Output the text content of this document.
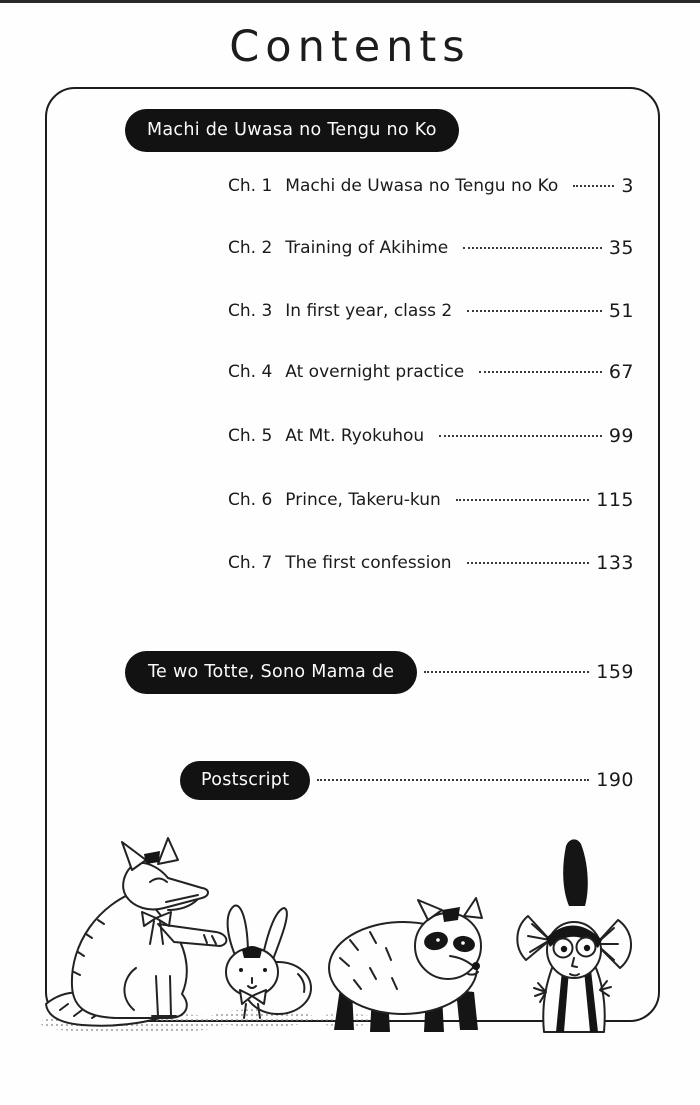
Contents
Machi de Uwasa no Tengu no Ko
Ch. 1 Machi de Uwasa no Tengu no Ko	3
Ch. 2 Training of Akihime	35
Ch. 3 In first year, class 2	51
Ch. 4 At overnight practice	67
Ch. 5 At Mt. Ryokuhou	99
Ch. 6 Prince, Takeru-kun	115
Ch. 7 The first confession	133
Te wo Totte, Sono Mama de	159
Postscript	190
